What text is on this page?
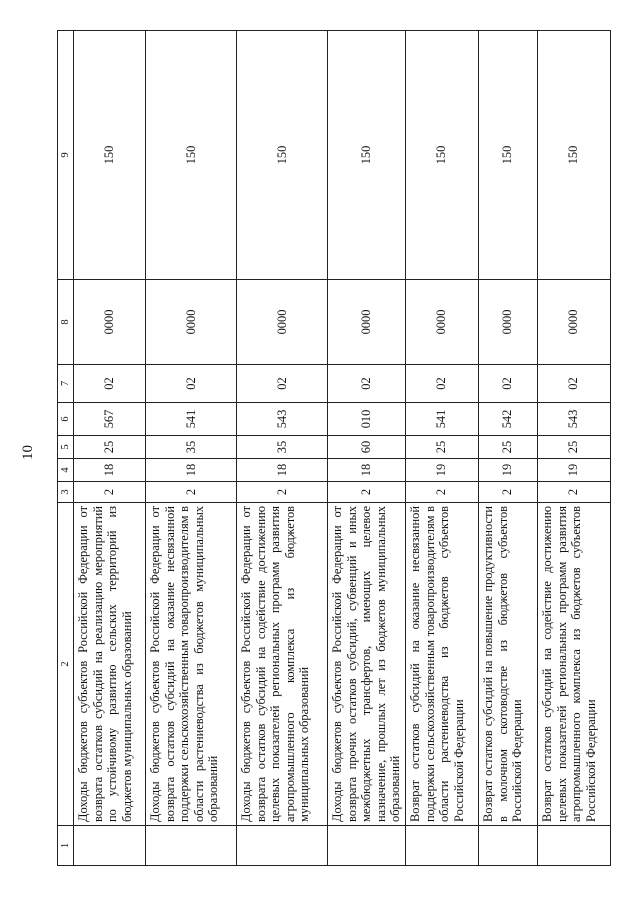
10
1	2	3	4	5	6	7	8	9
	Доходы бюджетов субъектов Российской Федерации от возврата остатков субсидий на реализацию мероприятий по устойчивому развитию сельских территорий из бюджетов муниципальных образований	2	18	25	567	02	0000	150
	Доходы бюджетов субъектов Российской Федерации от возврата остатков субсидий на оказание несвязанной поддержки сельскохозяйственным товаропроизводителям в области растениеводства из бюджетов муниципальных образований	2	18	35	541	02	0000	150
	Доходы бюджетов субъектов Российской Федерации от возврата остатков субсидий на содействие достижению целевых показателей региональных программ развития агропромышленного комплекса из бюджетов муниципальных образований	2	18	35	543	02	0000	150
	Доходы бюджетов субъектов Российской Федерации от возврата прочих остатков субсидий, субвенций и иных межбюджетных трансфертов, имеющих целевое назначение, прошлых лет из бюджетов муниципальных образований	2	18	60	010	02	0000	150
	Возврат остатков субсидий на оказание несвязанной поддержки сельскохозяйственным товаропроизводителям в области растениеводства из бюджетов субъектов Российской Федерации	2	19	25	541	02	0000	150
	Возврат остатков субсидий на повышение продуктивности в молочном скотоводстве из бюджетов субъектов Российской Федерации	2	19	25	542	02	0000	150
	Возврат остатков субсидий на содействие достижению целевых показателей региональных программ развития агропромышленного комплекса из бюджетов субъектов Российской Федерации	2	19	25	543	02	0000	150
